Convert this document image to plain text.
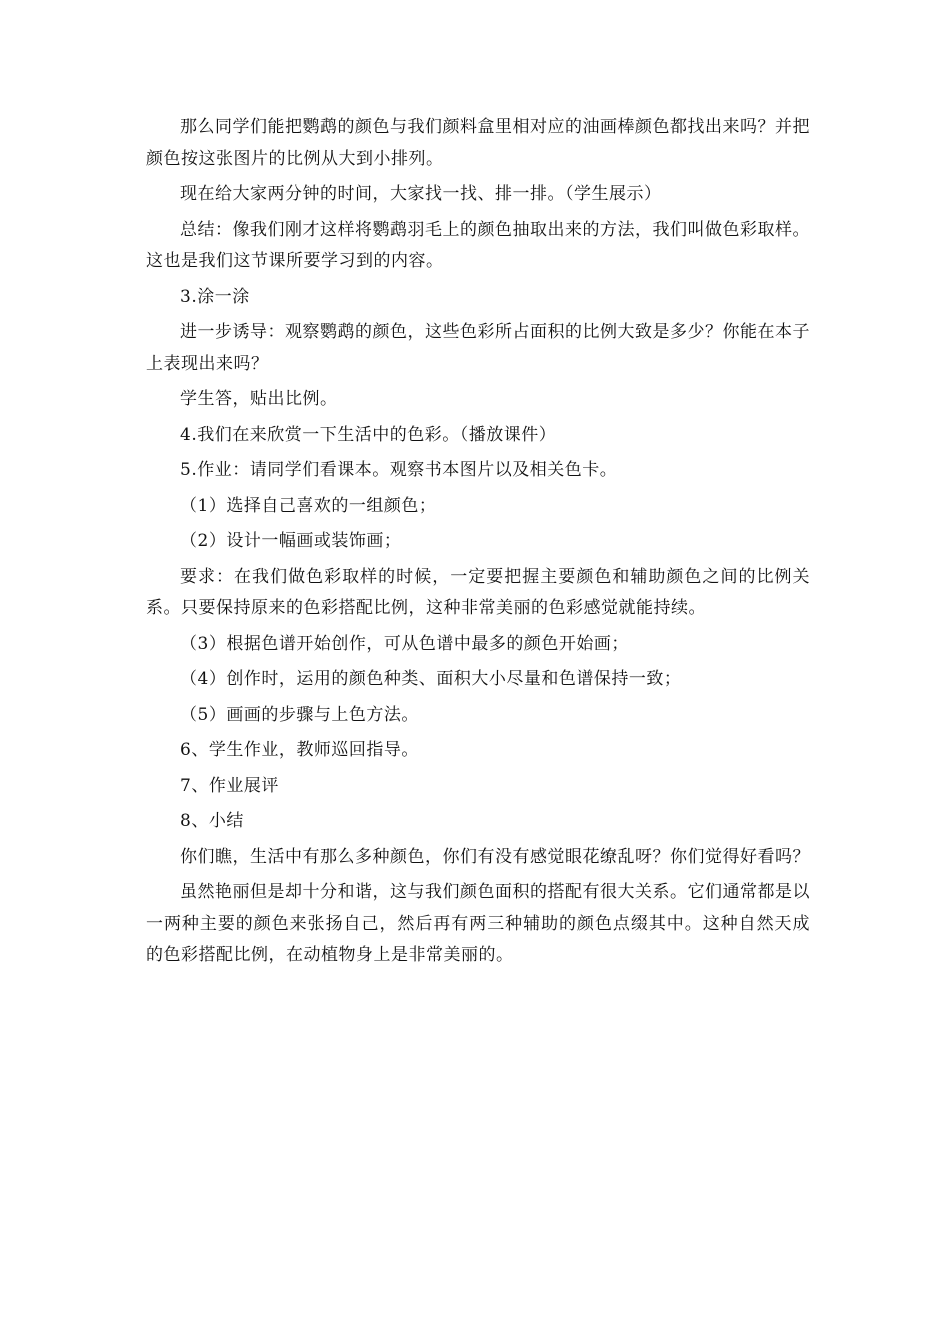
那么同学们能把鹦鹉的颜色与我们颜料盒里相对应的油画棒颜色都找出来吗？并把颜色按这张图片的比例从大到小排列。

现在给大家两分钟的时间，大家找一找、排一排。（学生展示）

总结：像我们刚才这样将鹦鹉羽毛上的颜色抽取出来的方法，我们叫做色彩取样。这也是我们这节课所要学习到的内容。

3.涂一涂

进一步诱导：观察鹦鹉的颜色，这些色彩所占面积的比例大致是多少？你能在本子上表现出来吗？

学生答，贴出比例。

4.我们在来欣赏一下生活中的色彩。（播放课件）

5.作业：请同学们看课本。观察书本图片以及相关色卡。

（1）选择自己喜欢的一组颜色；

（2）设计一幅画或装饰画；

要求：在我们做色彩取样的时候，一定要把握主要颜色和辅助颜色之间的比例关系。只要保持原来的色彩搭配比例，这种非常美丽的色彩感觉就能持续。

（3）根据色谱开始创作，可从色谱中最多的颜色开始画；

（4）创作时，运用的颜色种类、面积大小尽量和色谱保持一致；

（5）画画的步骤与上色方法。

6、学生作业，教师巡回指导。

7、作业展评

8、小结

你们瞧，生活中有那么多种颜色，你们有没有感觉眼花缭乱呀？你们觉得好看吗？

虽然艳丽但是却十分和谐，这与我们颜色面积的搭配有很大关系。它们通常都是以一两种主要的颜色来张扬自己，然后再有两三种辅助的颜色点缀其中。这种自然天成的色彩搭配比例，在动植物身上是非常美丽的。
